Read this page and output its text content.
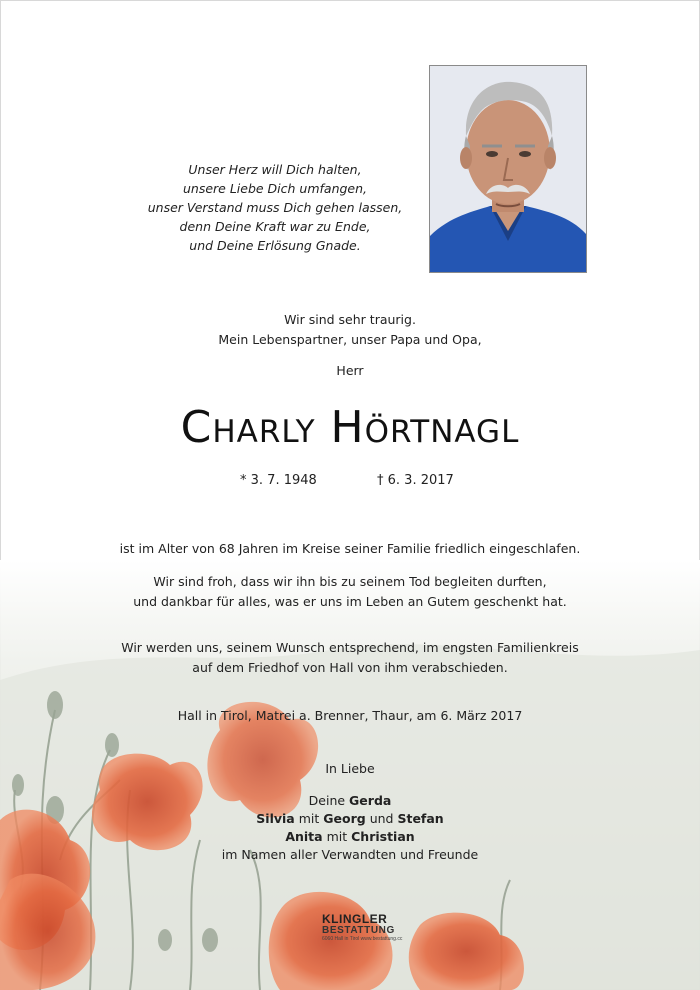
Unser Herz will Dich halten,
unsere Liebe Dich umfangen,
unser Verstand muss Dich gehen lassen,
denn Deine Kraft war zu Ende,
und Deine Erlösung Gnade.
Wir sind sehr traurig.
Mein Lebenspartner, unser Papa und Opa,
Herr
Charly Hörtnagl
* 3. 7. 1948	† 6. 3. 2017
ist im Alter von 68 Jahren im Kreise seiner Familie friedlich eingeschlafen.
Wir sind froh, dass wir ihn bis zu seinem Tod begleiten durften,
und dankbar für alles, was er uns im Leben an Gutem geschenkt hat.
Wir werden uns, seinem Wunsch entsprechend, im engsten Familienkreis
auf dem Friedhof von Hall von ihm verabschieden.
Hall in Tirol, Matrei a. Brenner, Thaur, am 6. März 2017
In Liebe
Deine Gerda
Silvia mit Georg und Stefan
Anita mit Christian
im Namen aller Verwandten und Freunde
KLINGLER
BESTATTUNG
6060 Hall in Tirol www.bestattung.cc
